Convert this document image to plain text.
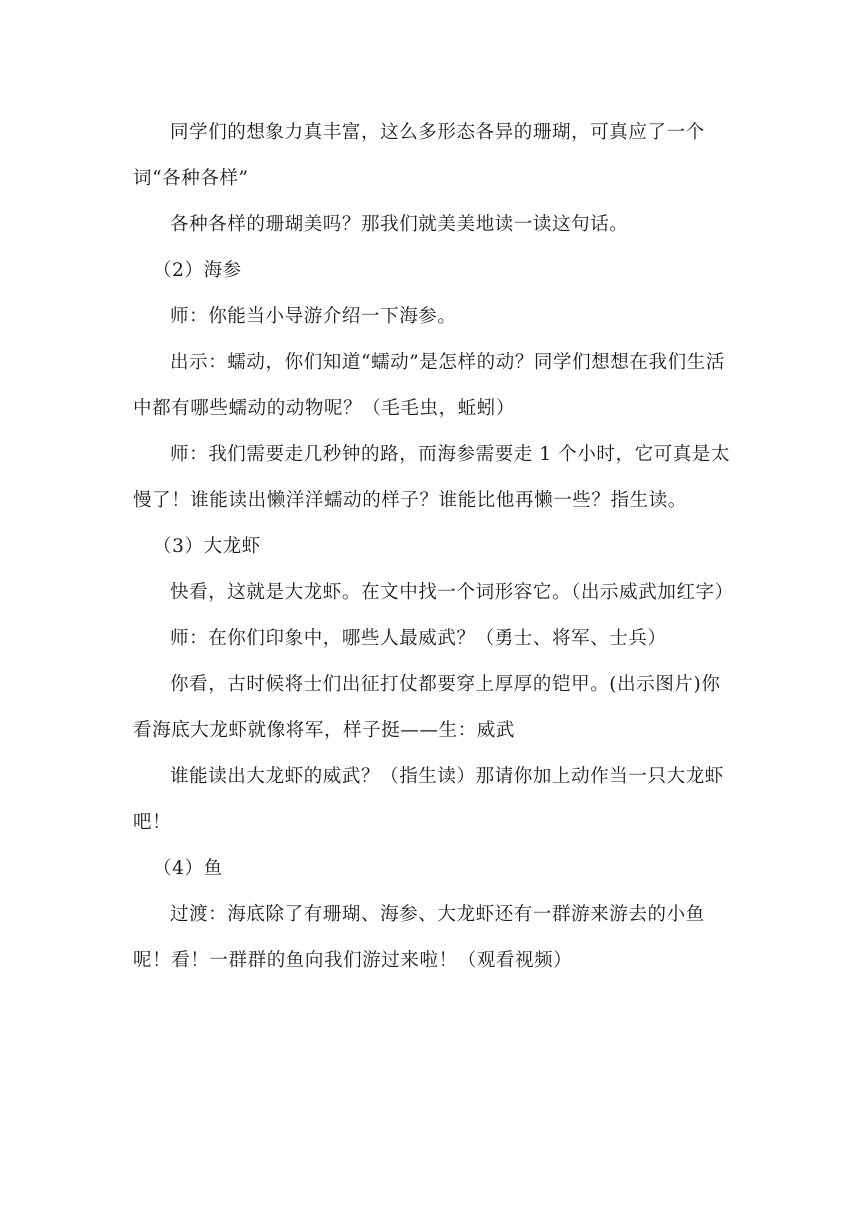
同学们的想象力真丰富，这么多形态各异的珊瑚，可真应了一个词“各种各样”

各种各样的珊瑚美吗？那我们就美美地读一读这句话。

（2）海参

师：你能当小导游介绍一下海参。

出示：蠕动，你们知道“蠕动”是怎样的动？同学们想想在我们生活中都有哪些蠕动的动物呢？（毛毛虫，蚯蚓）

师：我们需要走几秒钟的路，而海参需要走 1 个小时，它可真是太慢了！谁能读出懒洋洋蠕动的样子？谁能比他再懒一些？指生读。

（3）大龙虾

快看，这就是大龙虾。在文中找一个词形容它。（出示威武加红字）

师：在你们印象中，哪些人最威武？（勇士、将军、士兵）

你看，古时候将士们出征打仗都要穿上厚厚的铠甲。(出示图片)你看海底大龙虾就像将军，样子挺——生：威武

谁能读出大龙虾的威武？（指生读）那请你加上动作当一只大龙虾吧！

（4）鱼

过渡：海底除了有珊瑚、海参、大龙虾还有一群游来游去的小鱼呢！看！一群群的鱼向我们游过来啦！（观看视频）
